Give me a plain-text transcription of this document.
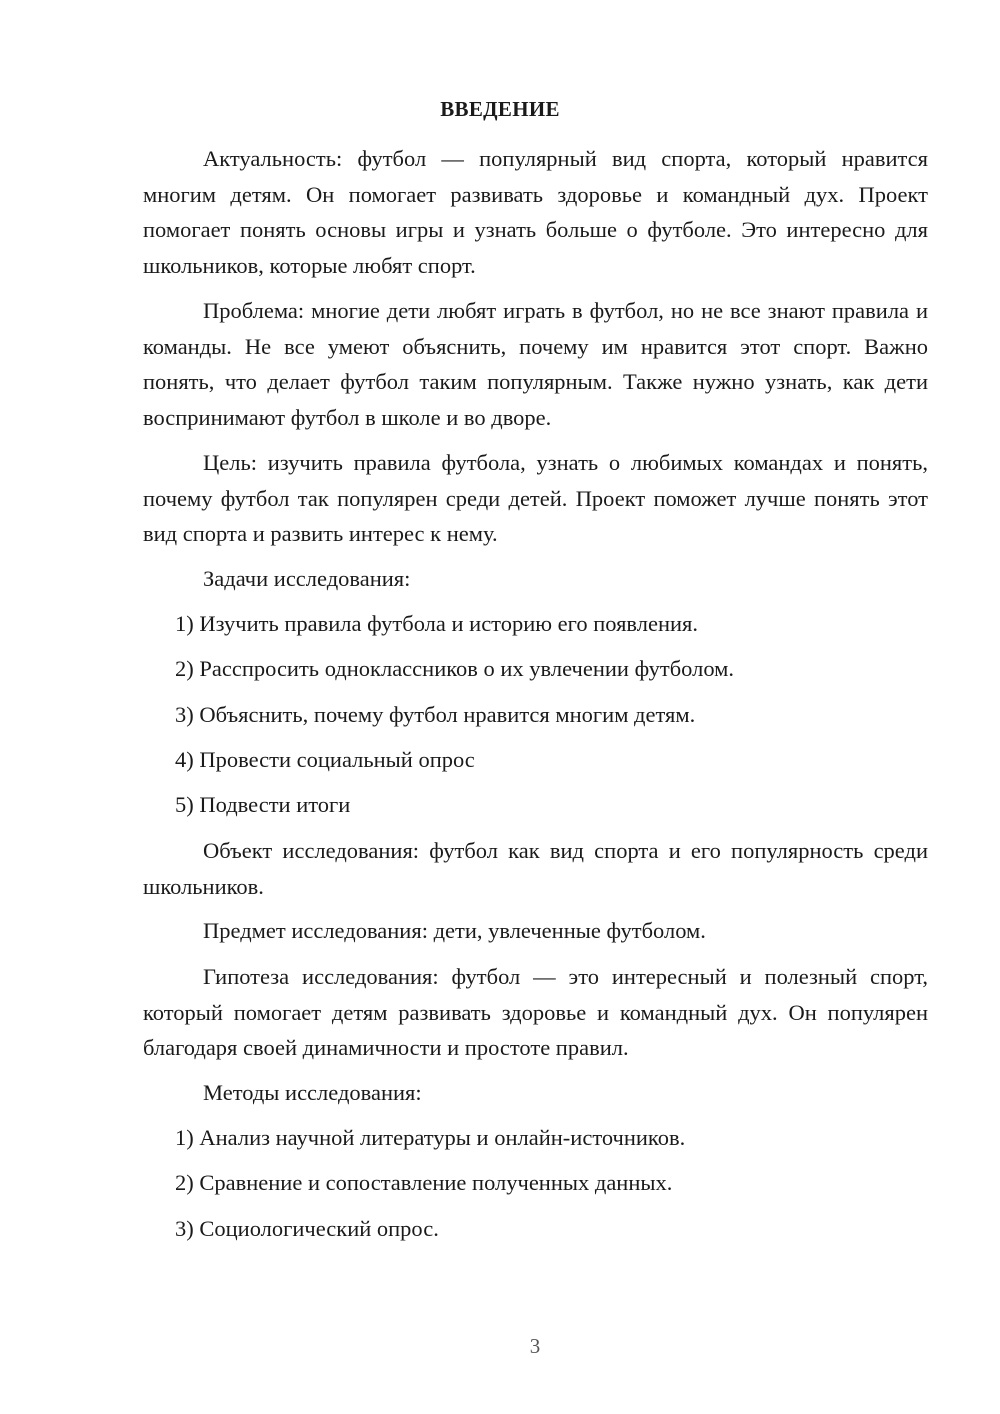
ВВЕДЕНИЕ

Актуальность: футбол — популярный вид спорта, который нравится многим детям. Он помогает развивать здоровье и командный дух. Проект помогает понять основы игры и узнать больше о футболе. Это интересно для школьников, которые любят спорт.

Проблема: многие дети любят играть в футбол, но не все знают правила и команды. Не все умеют объяснить, почему им нравится этот спорт. Важно понять, что делает футбол таким популярным. Также нужно узнать, как дети воспринимают футбол в школе и во дворе.

Цель: изучить правила футбола, узнать о любимых командах и понять, почему футбол так популярен среди детей. Проект поможет лучше понять этот вид спорта и развить интерес к нему.

Задачи исследования:

1) Изучить правила футбола и историю его появления.

2) Расспросить одноклассников о их увлечении футболом.

3) Объяснить, почему футбол нравится многим детям.

4) Провести социальный опрос

5) Подвести итоги

Объект исследования: футбол как вид спорта и его популярность среди школьников.

Предмет исследования: дети, увлеченные футболом.

Гипотеза исследования: футбол — это интересный и полезный спорт, который помогает детям развивать здоровье и командный дух. Он популярен благодаря своей динамичности и простоте правил.

Методы исследования:

1) Анализ научной литературы и онлайн-источников.

2) Сравнение и сопоставление полученных данных.

3) Социологический опрос.

3
